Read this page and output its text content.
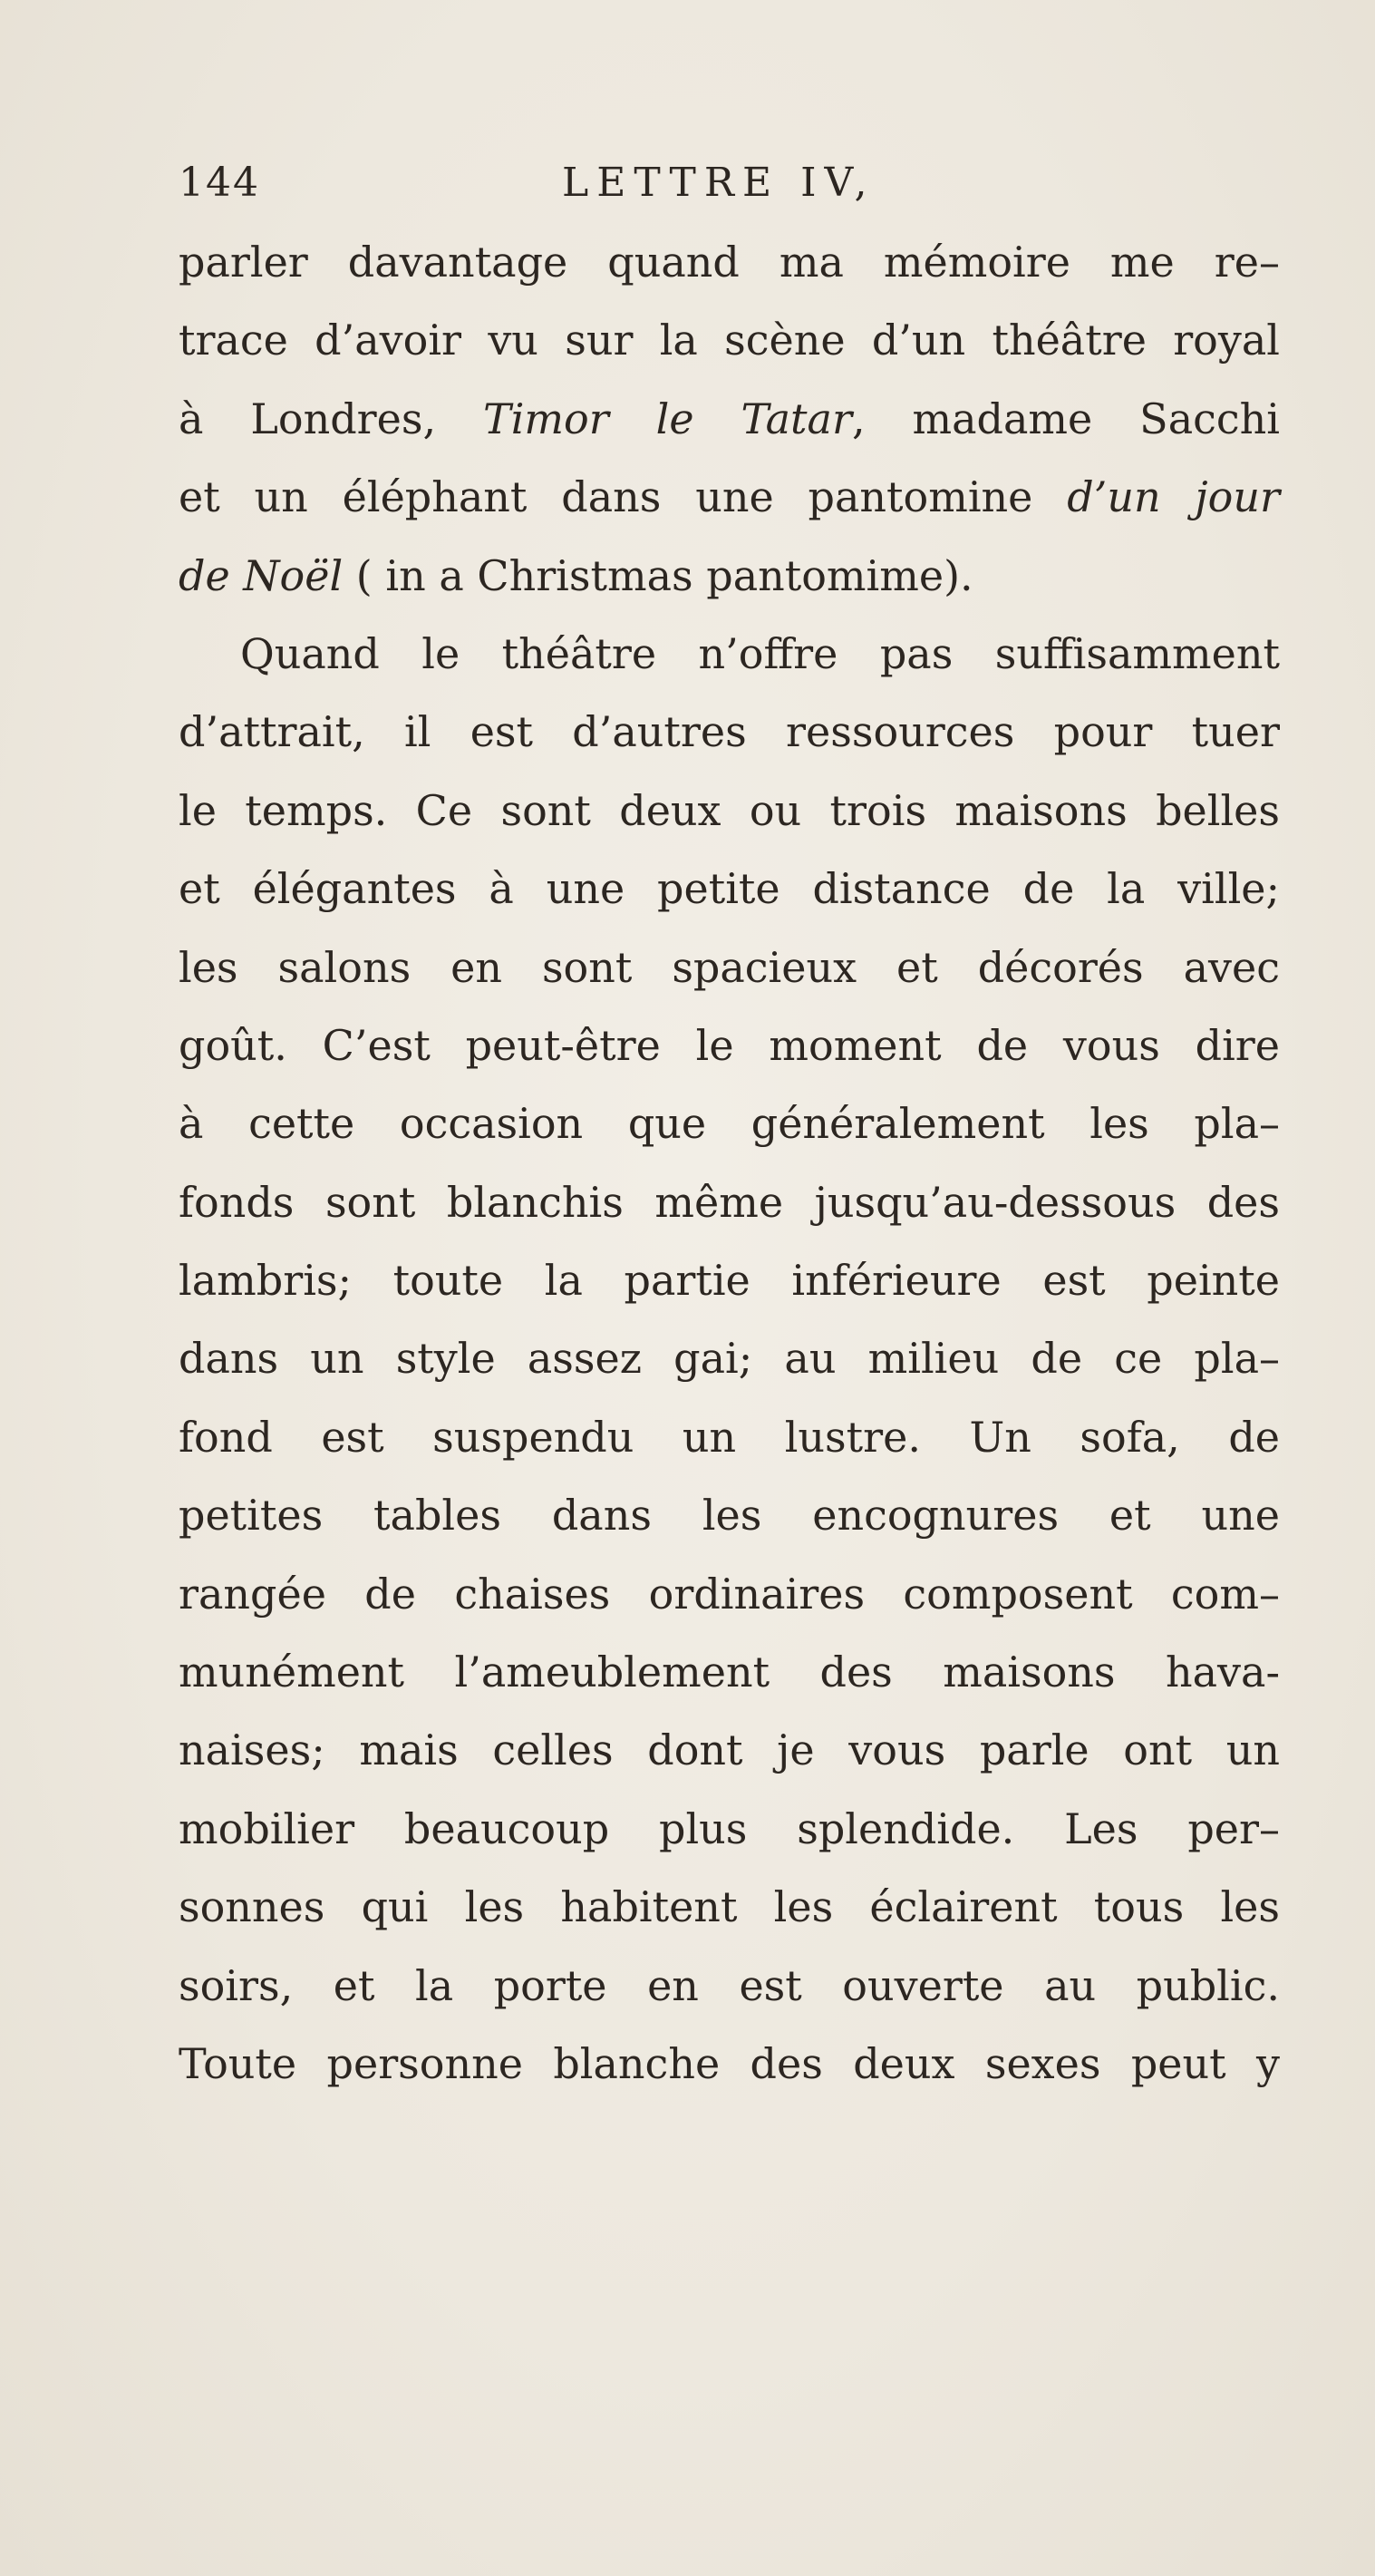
144	LETTRE IV,
parler davantage quand ma mémoire me re–
trace d’avoir vu sur la scène d’un théâtre royal
à Londres, Timor le Tatar, madame Sacchi
et un éléphant dans une pantomine d’un jour
de Noël ( in a Christmas pantomime).
Quand le théâtre n’offre pas suffisamment
d’attrait, il est d’autres ressources pour tuer
le temps. Ce sont deux ou trois maisons belles
et élégantes à une petite distance de la ville;
les salons en sont spacieux et décorés avec
goût. C’est peut-être le moment de vous dire
à cette occasion que généralement les pla–
fonds sont blanchis même jusqu’au-dessous des
lambris; toute la partie inférieure est peinte
dans un style assez gai; au milieu de ce pla–
fond est suspendu un lustre. Un sofa, de
petites tables dans les encognures et une
rangée de chaises ordinaires composent com–
munément l’ameublement des maisons hava-
naises; mais celles dont je vous parle ont un
mobilier beaucoup plus splendide. Les per–
sonnes qui les habitent les éclairent tous les
soirs, et la porte en est ouverte au public.
Toute personne blanche des deux sexes peut y
